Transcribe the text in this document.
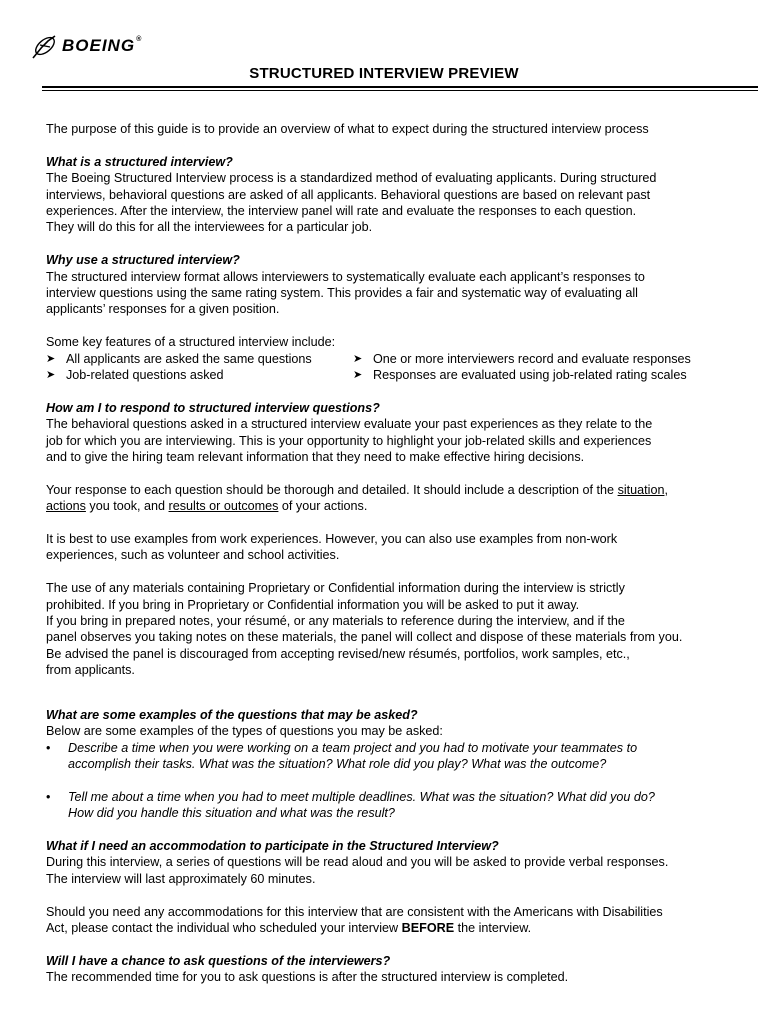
BOEING®
STRUCTURED INTERVIEW PREVIEW

The purpose of this guide is to provide an overview of what to expect during the structured interview process

What is a structured interview?

The Boeing Structured Interview process is a standardized method of evaluating applicants. During structured

interviews, behavioral questions are asked of all applicants. Behavioral questions are based on relevant past

experiences. After the interview, the interview panel will rate and evaluate the responses to each question.

They will do this for all the interviewees for a particular job.

Why use a structured interview?

The structured interview format allows interviewers to systematically evaluate each applicant’s responses to

interview questions using the same rating system. This provides a fair and systematic way of evaluating all

applicants’ responses for a given position.

Some key features of a structured interview include:

➤ All applicants are asked the same questions	➤ One or more interviewers record and evaluate responses
➤ Job-related questions asked	➤ Responses are evaluated using job-related rating scales

How am I to respond to structured interview questions?

The behavioral questions asked in a structured interview evaluate your past experiences as they relate to the

job for which you are interviewing. This is your opportunity to highlight your job-related skills and experiences

and to give the hiring team relevant information that they need to make effective hiring decisions.

Your response to each question should be thorough and detailed. It should include a description of the situation,

actions you took, and results or outcomes of your actions.

It is best to use examples from work experiences. However, you can also use examples from non-work

experiences, such as volunteer and school activities.

The use of any materials containing Proprietary or Confidential information during the interview is strictly

prohibited. If you bring in Proprietary or Confidential information you will be asked to put it away.

If you bring in prepared notes, your résumé, or any materials to reference during the interview, and if the

panel observes you taking notes on these materials, the panel will collect and dispose of these materials from you.

Be advised the panel is discouraged from accepting revised/new résumés, portfolios, work samples, etc.,

from applicants.

What are some examples of the questions that may be asked?

Below are some examples of the types of questions you may be asked:

•	Describe a time when you were working on a team project and you had to motivate your teammates to

accomplish their tasks. What was the situation? What role did you play? What was the outcome?

•	Tell me about a time when you had to meet multiple deadlines. What was the situation? What did you do?

How did you handle this situation and what was the result?

What if I need an accommodation to participate in the Structured Interview?

During this interview, a series of questions will be read aloud and you will be asked to provide verbal responses.

The interview will last approximately 60 minutes.

Should you need any accommodations for this interview that are consistent with the Americans with Disabilities

Act, please contact the individual who scheduled your interview BEFORE the interview.

Will I have a chance to ask questions of the interviewers?

The recommended time for you to ask questions is after the structured interview is completed.
